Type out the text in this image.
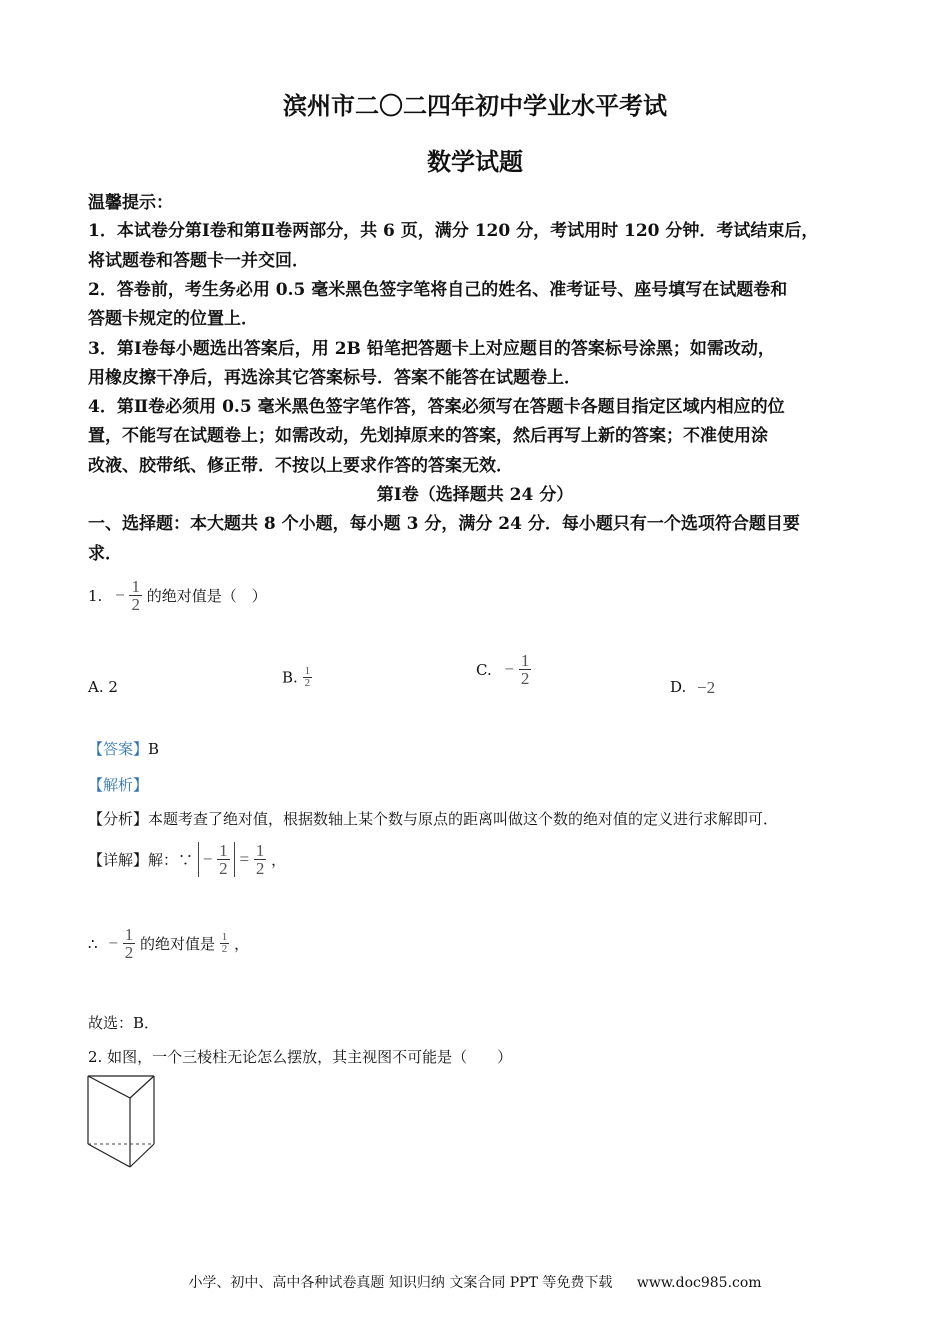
滨州市二〇二四年初中学业水平考试
数学试题
温馨提示：
1．本试卷分第Ⅰ卷和第Ⅱ卷两部分，共 6 页，满分 120 分，考试用时 120 分钟．考试结束后，
将试题卷和答题卡一并交回．
2．答卷前，考生务必用 0.5 毫米黑色签字笔将自己的姓名、准考证号、座号填写在试题卷和
答题卡规定的位置上．
3．第Ⅰ卷每小题选出答案后，用 2B 铅笔把答题卡上对应题目的答案标号涂黑；如需改动，
用橡皮擦干净后，再选涂其它答案标号．答案不能答在试题卷上．
4．第Ⅱ卷必须用 0.5 毫米黑色签字笔作答，答案必须写在答题卡各题目指定区域内相应的位
置，不能写在试题卷上；如需改动，先划掉原来的答案，然后再写上新的答案；不准使用涂
改液、胶带纸、修正带．不按以上要求作答的答案无效．
第Ⅰ卷（选择题共 24 分）
一、选择题：本大题共 8 个小题，每小题 3 分，满分 24 分．每小题只有一个选项符合题目要
求．
1. − $\frac{1}{2}$ 的绝对值是（　）
A. 2
B. $\frac{1}{2}$	C. − $\frac{1}{2}$	D. −2
【答案】B
【解析】
【分析】本题考查了绝对值，根据数轴上某个数与原点的距离叫做这个数的绝对值的定义进行求解即可．
【详解】解：∵ − $\frac{1}{2} = \frac{1}{2}$ ，
∴ − $\frac{1}{2}$ 的绝对值是 $\frac{1}{2}$ ，
故选：B．
2. 如图，一个三棱柱无论怎么摆放，其主视图不可能是（　　）
小学、初中、高中各种试卷真题 知识归纳 文案合同 PPT 等免费下载 www.doc985.com
